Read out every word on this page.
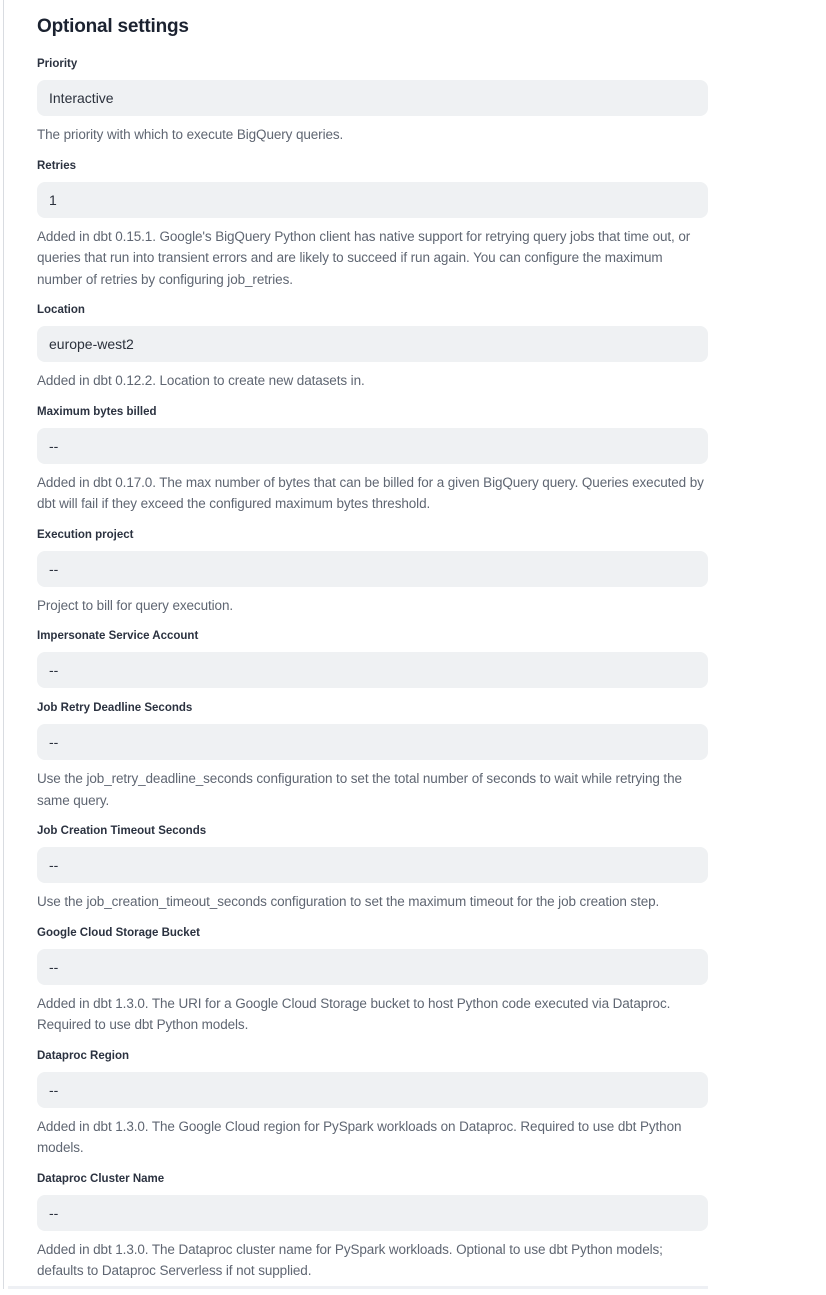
Optional settings
Priority
Interactive

The priority with which to execute BigQuery queries.

Retries
1

Added in dbt 0.15.1. Google's BigQuery Python client has native support for retrying query jobs that time out, or queries that run into transient errors and are likely to succeed if run again. You can configure the maximum number of retries by configuring job_retries.

Location
europe-west2

Added in dbt 0.12.2. Location to create new datasets in.

Maximum bytes billed
--

Added in dbt 0.17.0. The max number of bytes that can be billed for a given BigQuery query. Queries executed by dbt will fail if they exceed the configured maximum bytes threshold.

Execution project
--

Project to bill for query execution.

Impersonate Service Account
--
Job Retry Deadline Seconds
--

Use the job_retry_deadline_seconds configuration to set the total number of seconds to wait while retrying the same query.

Job Creation Timeout Seconds
--

Use the job_creation_timeout_seconds configuration to set the maximum timeout for the job creation step.

Google Cloud Storage Bucket
--

Added in dbt 1.3.0. The URI for a Google Cloud Storage bucket to host Python code executed via Dataproc. Required to use dbt Python models.

Dataproc Region
--

Added in dbt 1.3.0. The Google Cloud region for PySpark workloads on Dataproc. Required to use dbt Python models.

Dataproc Cluster Name
--

Added in dbt 1.3.0. The Dataproc cluster name for PySpark workloads. Optional to use dbt Python models; defaults to Dataproc Serverless if not supplied.
